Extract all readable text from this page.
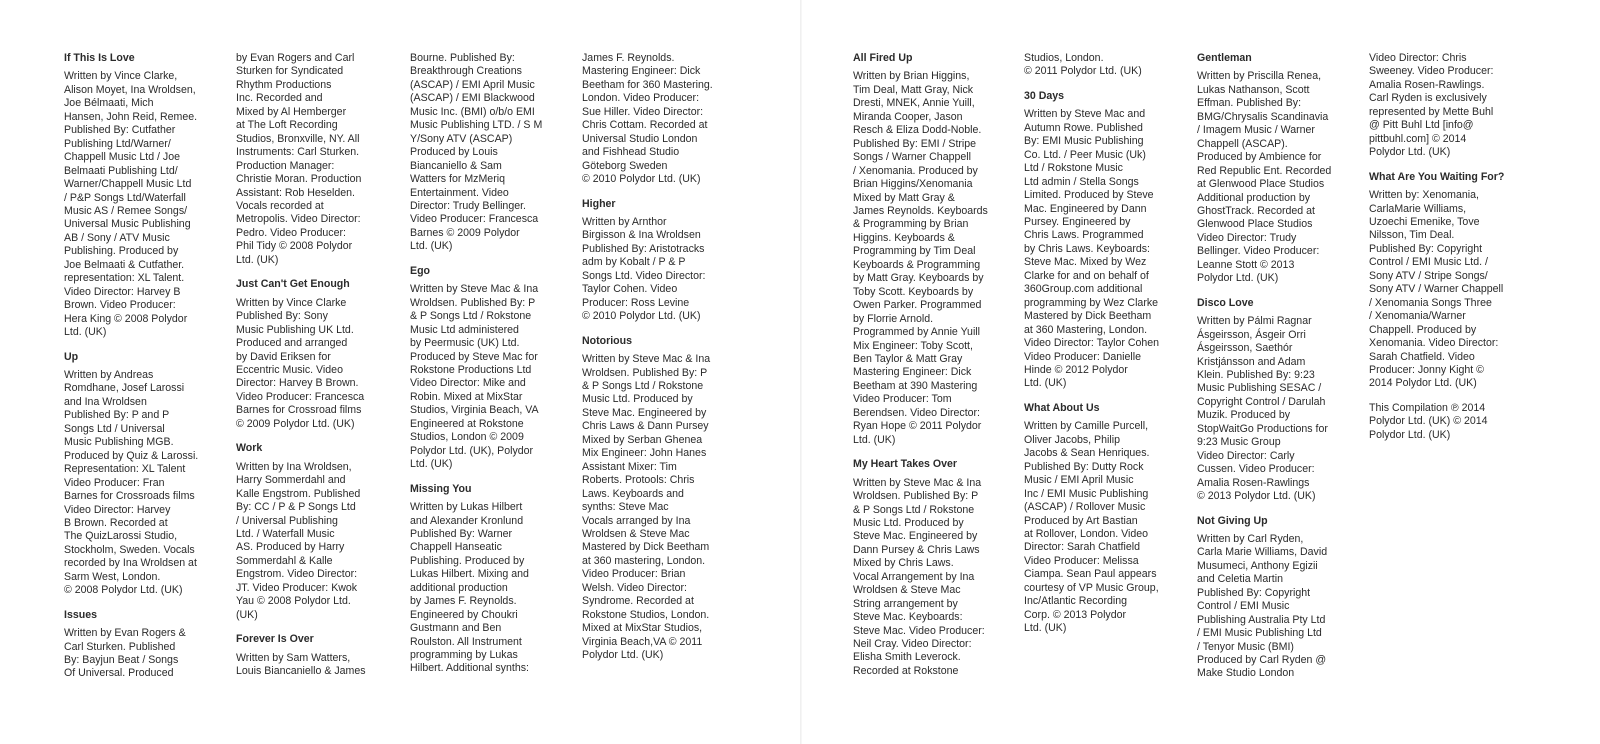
If This Is Love
Written by Vince Clarke,
Alison Moyet, Ina Wroldsen,
Joe Bélmaati, Mich
Hansen, John Reid, Remee.
Published By: Cutfather
Publishing Ltd/Warner/
Chappell Music Ltd / Joe
Belmaati Publishing Ltd/
Warner/Chappell Music Ltd
/ P&P Songs Ltd/Waterfall
Music AS / Remee Songs/
Universal Music Publishing
AB / Sony / ATV Music
Publishing. Produced by
Joe Belmaati & Cutfather.
representation: XL Talent.
Video Director: Harvey B
Brown. Video Producer:
Hera King © 2008 Polydor
Ltd. (UK)
Up
Written by Andreas
Romdhane, Josef Larossi
and Ina Wroldsen
Published By: P and P
Songs Ltd / Universal
Music Publishing MGB.
Produced by Quiz & Larossi.
Representation: XL Talent
Video Producer: Fran
Barnes for Crossroads films
Video Director: Harvey
B Brown. Recorded at
The QuizLarossi Studio,
Stockholm, Sweden. Vocals
recorded by Ina Wroldsen at
Sarm West, London.
© 2008 Polydor Ltd. (UK)
Issues
Written by Evan Rogers &
Carl Sturken. Published
By: Bayjun Beat / Songs
Of Universal. Produced
by Evan Rogers and Carl
Sturken for Syndicated
Rhythm Productions
Inc. Recorded and
Mixed by Al Hemberger
at The Loft Recording
Studios, Bronxville, NY. All
Instruments: Carl Sturken.
Production Manager:
Christie Moran. Production
Assistant: Rob Heselden.
Vocals recorded at
Metropolis. Video Director:
Pedro. Video Producer:
Phil Tidy © 2008 Polydor
Ltd. (UK)
Just Can't Get Enough
Written by Vince Clarke
Published By: Sony
Music Publishing UK Ltd.
Produced and arranged
by David Eriksen for
Eccentric Music. Video
Director: Harvey B Brown.
Video Producer: Francesca
Barnes for Crossroad films
© 2009 Polydor Ltd. (UK)
Work
Written by Ina Wroldsen,
Harry Sommerdahl and
Kalle Engstrom. Published
By: CC / P & P Songs Ltd
/ Universal Publishing
Ltd. / Waterfall Music
AS. Produced by Harry
Sommerdahl & Kalle
Engstrom. Video Director:
JT. Video Producer: Kwok
Yau © 2008 Polydor Ltd.
(UK)
Forever Is Over
Written by Sam Watters,
Louis Biancaniello & James
Bourne. Published By:
Breakthrough Creations
(ASCAP) / EMI April Music
(ASCAP) / EMI Blackwood
Music Inc. (BMI) o/b/o EMI
Music Publishing LTD. / S M
Y/Sony ATV (ASCAP)
Produced by Louis
Biancaniello & Sam
Watters for MzMeriq
Entertainment. Video
Director: Trudy Bellinger.
Video Producer: Francesca
Barnes © 2009 Polydor
Ltd. (UK)
Ego
Written by Steve Mac & Ina
Wroldsen. Published By: P
& P Songs Ltd / Rokstone
Music Ltd administered
by Peermusic (UK) Ltd.
Produced by Steve Mac for
Rokstone Productions Ltd
Video Director: Mike and
Robin. Mixed at MixStar
Studios, Virginia Beach, VA
Engineered at Rokstone
Studios, London © 2009
Polydor Ltd. (UK), Polydor
Ltd. (UK)
Missing You
Written by Lukas Hilbert
and Alexander Kronlund
Published By: Warner
Chappell Hanseatic
Publishing. Produced by
Lukas Hilbert. Mixing and
additional production
by James F. Reynolds.
Engineered by Choukri
Gustmann and Ben
Roulston. All Instrument
programming by Lukas
Hilbert. Additional synths:
James F. Reynolds.
Mastering Engineer: Dick
Beetham for 360 Mastering.
London. Video Producer:
Sue Hiller. Video Director:
Chris Cottam. Recorded at
Universal Studio London
and Fishhead Studio
Göteborg Sweden
© 2010 Polydor Ltd. (UK)
Higher
Written by Arnthor
Birgisson & Ina Wroldsen
Published By: Aristotracks
adm by Kobalt / P & P
Songs Ltd. Video Director:
Taylor Cohen. Video
Producer: Ross Levine
© 2010 Polydor Ltd. (UK)
Notorious
Written by Steve Mac & Ina
Wroldsen. Published By: P
& P Songs Ltd / Rokstone
Music Ltd. Produced by
Steve Mac. Engineered by
Chris Laws & Dann Pursey
Mixed by Serban Ghenea
Mix Engineer: John Hanes
Assistant Mixer: Tim
Roberts. Protools: Chris
Laws. Keyboards and
synths: Steve Mac
Vocals arranged by Ina
Wroldsen & Steve Mac
Mastered by Dick Beetham
at 360 mastering, London.
Video Producer: Brian
Welsh. Video Director:
Syndrome. Recorded at
Rokstone Studios, London.
Mixed at MixStar Studios,
Virginia Beach,VA © 2011
Polydor Ltd. (UK)
All Fired Up
Written by Brian Higgins,
Tim Deal, Matt Gray, Nick
Dresti, MNEK, Annie Yuill,
Miranda Cooper, Jason
Resch & Eliza Dodd-Noble.
Published By: EMI / Stripe
Songs / Warner Chappell
/ Xenomania. Produced by
Brian Higgins/Xenomania
Mixed by Matt Gray &
James Reynolds. Keyboards
& Programming by Brian
Higgins. Keyboards &
Programming by Tim Deal
Keyboards & Programming
by Matt Gray. Keyboards by
Toby Scott. Keyboards by
Owen Parker. Programmed
by Florrie Arnold.
Programmed by Annie Yuill
Mix Engineer: Toby Scott,
Ben Taylor & Matt Gray
Mastering Engineer: Dick
Beetham at 390 Mastering
Video Producer: Tom
Berendsen. Video Director:
Ryan Hope © 2011 Polydor
Ltd. (UK)
My Heart Takes Over
Written by Steve Mac & Ina
Wroldsen. Published By: P
& P Songs Ltd / Rokstone
Music Ltd. Produced by
Steve Mac. Engineered by
Dann Pursey & Chris Laws
Mixed by Chris Laws.
Vocal Arrangement by Ina
Wroldsen & Steve Mac
String arrangement by
Steve Mac. Keyboards:
Steve Mac. Video Producer:
Neil Cray. Video Director:
Elisha Smith Leverock.
Recorded at Rokstone
Studios, London.
© 2011 Polydor Ltd. (UK)
30 Days
Written by Steve Mac and
Autumn Rowe. Published
By: EMI Music Publishing
Co. Ltd. / Peer Music (Uk)
Ltd / Rokstone Music
Ltd admin / Stella Songs
Limited. Produced by Steve
Mac. Engineered by Dann
Pursey. Engineered by
Chris Laws. Programmed
by Chris Laws. Keyboards:
Steve Mac. Mixed by Wez
Clarke for and on behalf of
360Group.com additional
programming by Wez Clarke
Mastered by Dick Beetham
at 360 Mastering, London.
Video Director: Taylor Cohen
Video Producer: Danielle
Hinde © 2012 Polydor
Ltd. (UK)
What About Us
Written by Camille Purcell,
Oliver Jacobs, Philip
Jacobs & Sean Henriques.
Published By: Dutty Rock
Music / EMI April Music
Inc / EMI Music Publishing
(ASCAP) / Rollover Music
Produced by Art Bastian
at Rollover, London. Video
Director: Sarah Chatfield
Video Producer: Melissa
Ciampa. Sean Paul appears
courtesy of VP Music Group,
Inc/Atlantic Recording
Corp. © 2013 Polydor
Ltd. (UK)
Gentleman
Written by Priscilla Renea,
Lukas Nathanson, Scott
Effman. Published By:
BMG/Chrysalis Scandinavia
/ Imagem Music / Warner
Chappell (ASCAP).
Produced by Ambience for
Red Republic Ent. Recorded
at Glenwood Place Studios
Additional production by
GhostTrack. Recorded at
Glenwood Place Studios
Video Director: Trudy
Bellinger. Video Producer:
Leanne Stott © 2013
Polydor Ltd. (UK)
Disco Love
Written by Pálmi Ragnar
Ásgeirsson, Ásgeir Orri
Ásgeirsson, Saethór
Kristjánsson and Adam
Klein. Published By: 9:23
Music Publishing SESAC /
Copyright Control / Darulah
Muzik. Produced by
StopWaitGo Productions for
9:23 Music Group
Video Director: Carly
Cussen. Video Producer:
Amalia Rosen-Rawlings
© 2013 Polydor Ltd. (UK)
Not Giving Up
Written by Carl Ryden,
Carla Marie Williams, David
Musumeci, Anthony Egizii
and Celetia Martin
Published By: Copyright
Control / EMI Music
Publishing Australia Pty Ltd
/ EMI Music Publishing Ltd
/ Tenyor Music (BMI)
Produced by Carl Ryden @
Make Studio London
Video Director: Chris
Sweeney. Video Producer:
Amalia Rosen-Rawlings.
Carl Ryden is exclusively
represented by Mette Buhl
@ Pitt Buhl Ltd [info@
pittbuhl.com] © 2014
Polydor Ltd. (UK)
What Are You Waiting For?
Written by: Xenomania,
CarlaMarie Williams,
Uzoechi Emenike, Tove
Nilsson, Tim Deal.
Published By: Copyright
Control / EMI Music Ltd. /
Sony ATV / Stripe Songs/
Sony ATV / Warner Chappell
/ Xenomania Songs Three
/ Xenomania/Warner
Chappell. Produced by
Xenomania. Video Director:
Sarah Chatfield. Video
Producer: Jonny Kight ©
2014 Polydor Ltd. (UK)
This Compilation ℗ 2014
Polydor Ltd. (UK) © 2014
Polydor Ltd. (UK)
